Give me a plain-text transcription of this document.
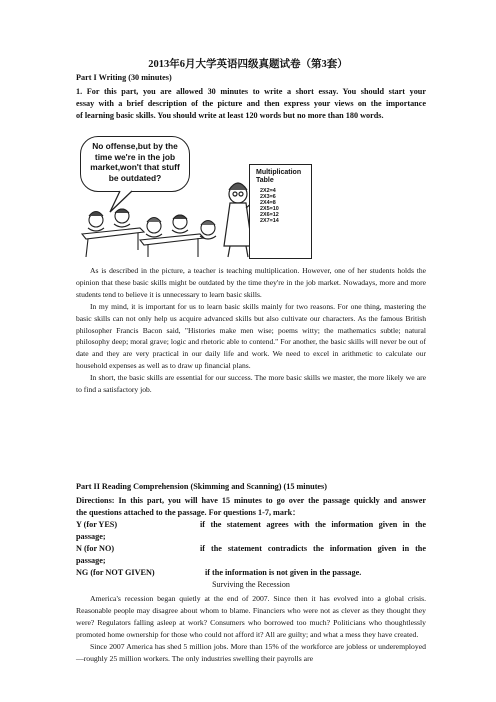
2013年6月大学英语四级真题试卷（第3套）
Part I Writing (30 minutes)
1. For this part, you are allowed 30 minutes to write a short essay. You should start your
essay with a brief description of the picture and then express your views on the importance
of learning basic skills. You should write at least 120 words but no more than 180 words.
No offense,but by the
time we're in the job
market,won't that stuff
be outdated?	Multiplication
Table
2X2=4
2X3=6
2X4=8
2X5=10
2X6=12
2X7=14

As is described in the picture, a teacher is teaching multiplication. However, one of her students holds the opinion that these basic skills might be outdated by the time they're in the job market. Nowadays, more and more students tend to believe it is unnecessary to learn basic skills.

In my mind, it is important for us to learn basic skills mainly for two reasons. For one thing, mastering the basic skills can not only help us acquire advanced skills but also cultivate our characters. As the famous British philosopher Francis Bacon said, "Histories make men wise; poems witty; the mathematics subtle; natural philosophy deep; moral grave; logic and rhetoric able to contend." For another, the basic skills will never be out of date and they are very practical in our daily life and work. We need to excel in arithmetic to calculate our household expenses as well as to draw up financial plans.

In short, the basic skills are essential for our success. The more basic skills we master, the more likely we are to find a satisfactory job.

Part II Reading Comprehension (Skimming and Scanning) (15 minutes)
Directions: In this part, you will have 15 minutes to go over the passage quickly and answer
the questions attached to the passage. For questions 1-7, mark：
Y (for YES)	if the statement agrees with the information given in the
passage;
N (for NO)	if the statement contradicts the information given in the
passage;
NG (for NOT GIVEN)	if the information is not given in the passage.
Surviving the Recession

America's recession began quietly at the end of 2007. Since then it has evolved into a global crisis. Reasonable people may disagree about whom to blame. Financiers who were not as clever as they thought they were? Regulators falling asleep at work? Consumers who borrowed too much? Politicians who thoughtlessly promoted home ownership for those who could not afford it? All are guilty; and what a mess they have created.

Since 2007 America has shed 5 million jobs. More than 15% of the workforce are jobless or underemployed—roughly 25 million workers. The only industries swelling their payrolls are
